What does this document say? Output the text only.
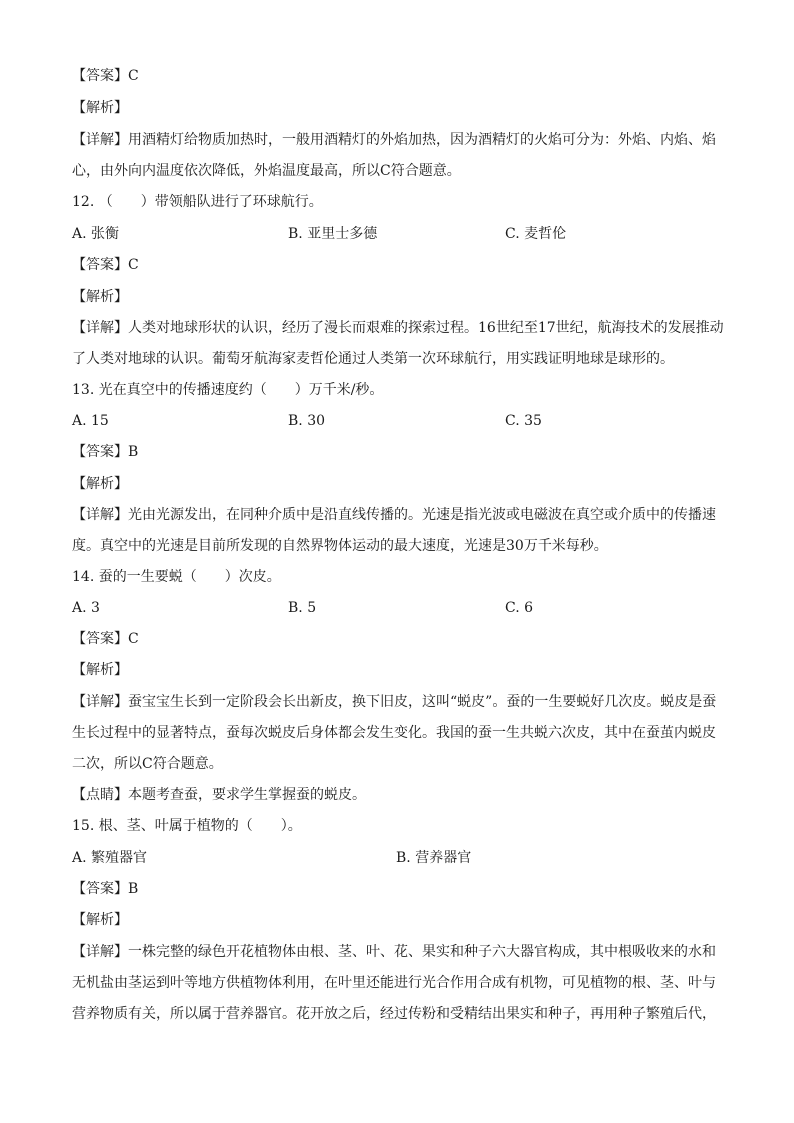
【答案】C
【解析】
【详解】用酒精灯给物质加热时，一般用酒精灯的外焰加热，因为酒精灯的火焰可分为：外焰、内焰、焰
心，由外向内温度依次降低，外焰温度最高，所以C符合题意。
12. （　　）带领船队进行了环球航行。
A. 张衡	B. 亚里士多德	C. 麦哲伦
【答案】C
【解析】
【详解】人类对地球形状的认识，经历了漫长而艰难的探索过程。16世纪至17世纪，航海技术的发展推动
了人类对地球的认识。葡萄牙航海家麦哲伦通过人类第一次环球航行，用实践证明地球是球形的。
13. 光在真空中的传播速度约（　　）万千米/秒。
A. 15	B. 30	C. 35
【答案】B
【解析】
【详解】光由光源发出，在同种介质中是沿直线传播的。光速是指光波或电磁波在真空或介质中的传播速
度。真空中的光速是目前所发现的自然界物体运动的最大速度，光速是30万千米每秒。
14. 蚕的一生要蜕（　　）次皮。
A. 3	B. 5	C. 6
【答案】C
【解析】
【详解】蚕宝宝生长到一定阶段会长出新皮，换下旧皮，这叫“蜕皮”。蚕的一生要蜕好几次皮。蜕皮是蚕
生长过程中的显著特点，蚕每次蜕皮后身体都会发生变化。我国的蚕一生共蜕六次皮，其中在蚕茧内蜕皮
二次，所以C符合题意。
【点睛】本题考查蚕，要求学生掌握蚕的蜕皮。
15. 根、茎、叶属于植物的（　　）。
A. 繁殖器官	B. 营养器官
【答案】B
【解析】
【详解】一株完整的绿色开花植物体由根、茎、叶、花、果实和种子六大器官构成，其中根吸收来的水和
无机盐由茎运到叶等地方供植物体利用，在叶里还能进行光合作用合成有机物，可见植物的根、茎、叶与
营养物质有关，所以属于营养器官。花开放之后，经过传粉和受精结出果实和种子，再用种子繁殖后代，
